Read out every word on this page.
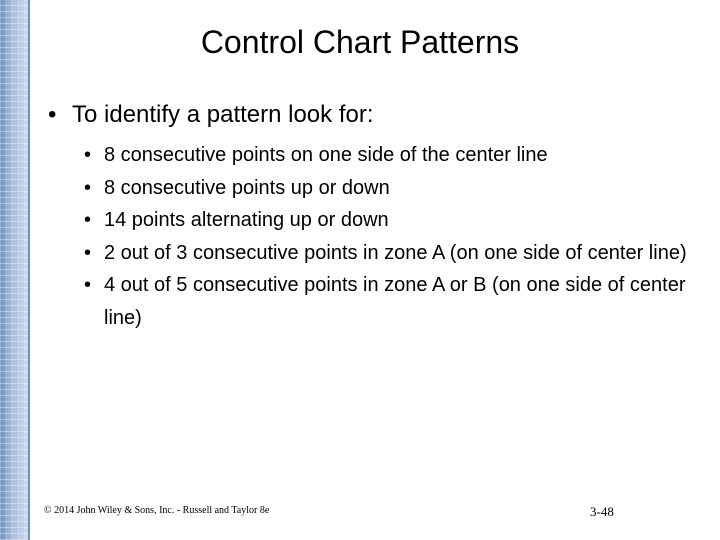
Control Chart Patterns
• To identify a pattern look for:
• 8 consecutive points on one side of the center line
• 8 consecutive points up or down
• 14 points alternating up or down
• 2 out of 3 consecutive points in zone A (on one side of center line)
• 4 out of 5 consecutive points in zone A or B (on one side of center line)
© 2014 John Wiley & Sons, Inc. - Russell and Taylor 8e	3-48
